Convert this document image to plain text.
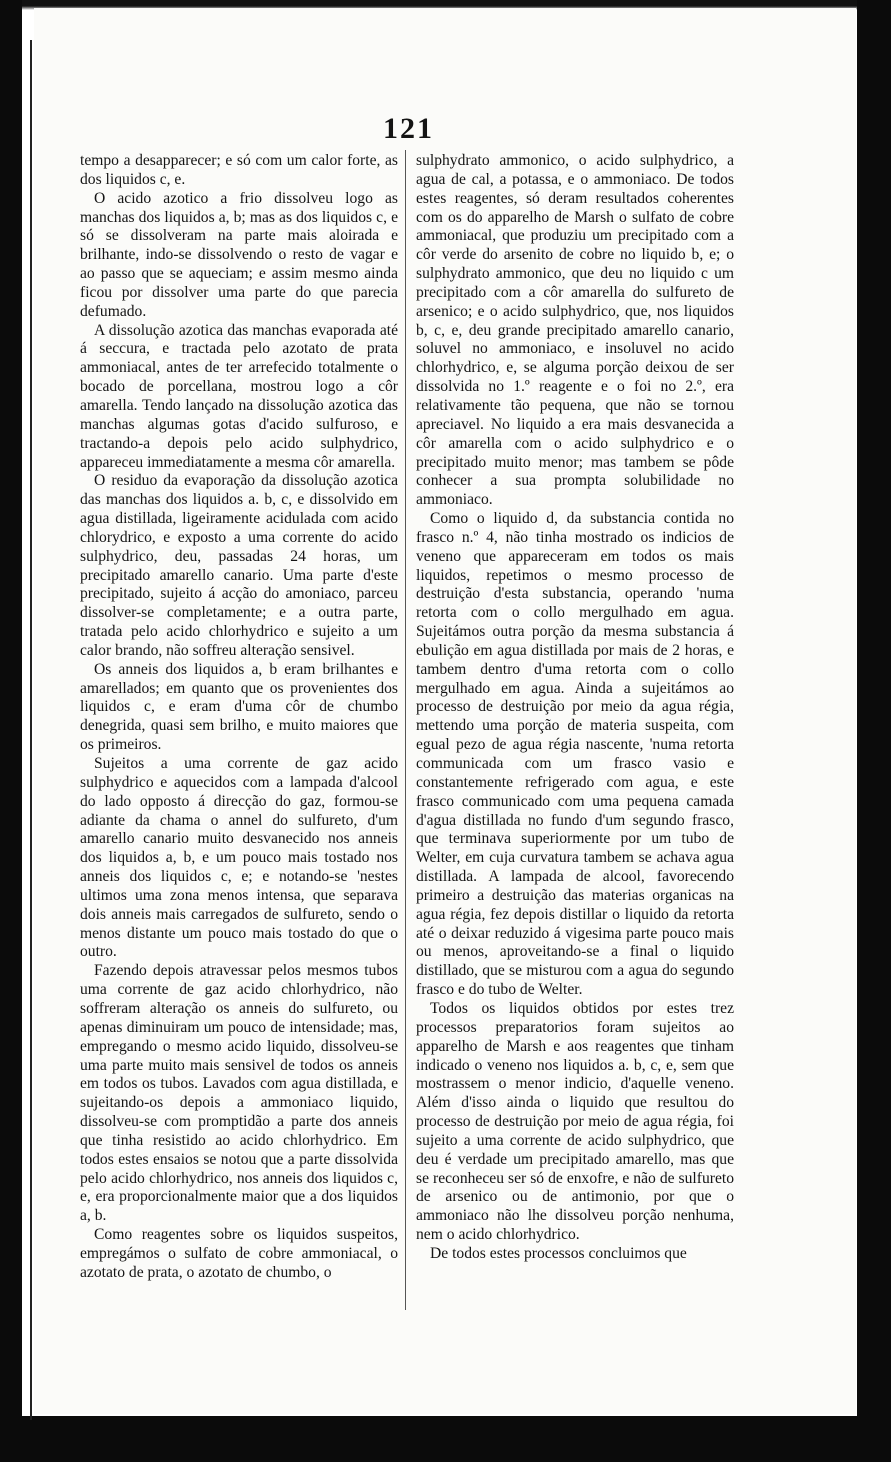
121

tempo a desapparecer; e só com um calor forte, as dos liquidos c, e.

O acido azotico a frio dissolveu logo as manchas dos liquidos a, b; mas as dos liquidos c, e só se dissolveram na parte mais aloirada e brilhante, indo-se dissolvendo o resto de vagar e ao passo que se aqueciam; e assim mesmo ainda ficou por dissolver uma parte do que parecia defumado.

A dissolução azotica das manchas evaporada até á seccura, e tractada pelo azotato de prata ammoniacal, antes de ter arrefecido totalmente o bocado de porcellana, mostrou logo a côr amarella. Tendo lançado na dissolução azotica das manchas algumas gotas d'acido sulfuroso, e tractando-a depois pelo acido sulphydrico, appareceu immediatamente a mesma côr amarella.

O residuo da evaporação da dissolução azotica das manchas dos liquidos a. b, c, e dissolvido em agua distillada, ligeiramente acidulada com acido chlorydrico, e exposto a uma corrente do acido sulphydrico, deu, passadas 24 horas, um precipitado amarello canario. Uma parte d'este precipitado, sujeito á acção do amoniaco, parceu dissolver-se completamente; e a outra parte, tratada pelo acido chlorhydrico e sujeito a um calor brando, não soffreu alteração sensivel.

Os anneis dos liquidos a, b eram brilhantes e amarellados; em quanto que os provenientes dos liquidos c, e eram d'uma côr de chumbo denegrida, quasi sem brilho, e muito maiores que os primeiros.

Sujeitos a uma corrente de gaz acido sulphydrico e aquecidos com a lampada d'alcool do lado opposto á direcção do gaz, formou-se adiante da chama o annel do sulfureto, d'um amarello canario muito desvanecido nos anneis dos liquidos a, b, e um pouco mais tostado nos anneis dos liquidos c, e; e notando-se 'nestes ultimos uma zona menos intensa, que separava dois anneis mais carregados de sulfureto, sendo o menos distante um pouco mais tostado do que o outro.

Fazendo depois atravessar pelos mesmos tubos uma corrente de gaz acido chlorhydrico, não soffreram alteração os anneis do sulfureto, ou apenas diminuiram um pouco de intensidade; mas, empregando o mesmo acido liquido, dissolveu-se uma parte muito mais sensivel de todos os anneis em todos os tubos. Lavados com agua distillada, e sujeitando-os depois a ammoniaco liquido, dissolveu-se com promptidão a parte dos anneis que tinha resistido ao acido chlorhydrico. Em todos estes ensaios se notou que a parte dissolvida pelo acido chlorhydrico, nos anneis dos liquidos c, e, era proporcionalmente maior que a dos liquidos a, b.

Como reagentes sobre os liquidos suspeitos, empregámos o sulfato de cobre ammoniacal, o azotato de prata, o azotato de chumbo, o

sulphydrato ammonico, o acido sulphydrico, a agua de cal, a potassa, e o ammoniaco. De todos estes reagentes, só deram resultados coherentes com os do apparelho de Marsh o sulfato de cobre ammoniacal, que produziu um precipitado com a côr verde do arsenito de cobre no liquido b, e; o sulphydrato ammonico, que deu no liquido c um precipitado com a côr amarella do sulfureto de arsenico; e o acido sulphydrico, que, nos liquidos b, c, e, deu grande precipitado amarello canario, soluvel no ammoniaco, e insoluvel no acido chlorhydrico, e, se alguma porção deixou de ser dissolvida no 1.º reagente e o foi no 2.º, era relativamente tão pequena, que não se tornou apreciavel. No liquido a era mais desvanecida a côr amarella com o acido sulphydrico e o precipitado muito menor; mas tambem se pôde conhecer a sua prompta solubilidade no ammoniaco.

Como o liquido d, da substancia contida no frasco n.º 4, não tinha mostrado os indicios de veneno que appareceram em todos os mais liquidos, repetimos o mesmo processo de destruição d'esta substancia, operando 'numa retorta com o collo mergulhado em agua. Sujeitámos outra porção da mesma substancia á ebulição em agua distillada por mais de 2 horas, e tambem dentro d'uma retorta com o collo mergulhado em agua. Ainda a sujeitámos ao processo de destruição por meio da agua régia, mettendo uma porção de materia suspeita, com egual pezo de agua régia nascente, 'numa retorta communicada com um frasco vasio e constantemente refrigerado com agua, e este frasco communicado com uma pequena camada d'agua distillada no fundo d'um segundo frasco, que terminava superiormente por um tubo de Welter, em cuja curvatura tambem se achava agua distillada. A lampada de alcool, favorecendo primeiro a destruição das materias organicas na agua régia, fez depois distillar o liquido da retorta até o deixar reduzido á vigesima parte pouco mais ou menos, aproveitando-se a final o liquido distillado, que se misturou com a agua do segundo frasco e do tubo de Welter.

Todos os liquidos obtidos por estes trez processos preparatorios foram sujeitos ao apparelho de Marsh e aos reagentes que tinham indicado o veneno nos liquidos a. b, c, e, sem que mostrassem o menor indicio, d'aquelle veneno. Além d'isso ainda o liquido que resultou do processo de destruição por meio de agua régia, foi sujeito a uma corrente de acido sulphydrico, que deu é verdade um precipitado amarello, mas que se reconheceu ser só de enxofre, e não de sulfureto de arsenico ou de antimonio, por que o ammoniaco não lhe dissolveu porção nenhuma, nem o acido chlorhydrico.

De todos estes processos concluimos que
